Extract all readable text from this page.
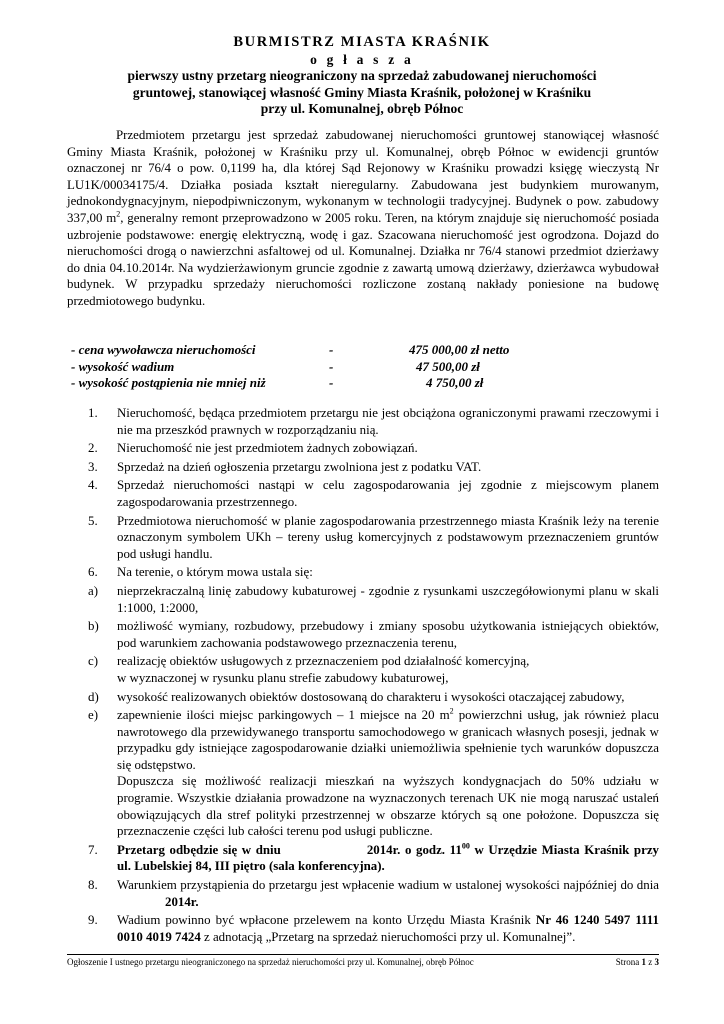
BURMISTRZ MIASTA KRAŚNIK
o g ł a s z a
pierwszy ustny przetarg nieograniczony na sprzedaż zabudowanej nieruchomości
gruntowej, stanowiącej własność Gminy Miasta Kraśnik, położonej w Kraśniku
przy ul. Komunalnej, obręb Północ

Przedmiotem przetargu jest sprzedaż zabudowanej nieruchomości gruntowej stanowiącej własność Gminy Miasta Kraśnik, położonej w Kraśniku przy ul. Komunalnej, obręb Północ w ewidencji gruntów oznaczonej nr 76/4 o pow. 0,1199 ha, dla której Sąd Rejonowy w Kraśniku prowadzi księgę wieczystą Nr LU1K/00034175/4. Działka posiada kształt nieregularny. Zabudowana jest budynkiem murowanym, jednokondygnacyjnym, niepodpiwniczonym, wykonanym w technologii tradycyjnej. Budynek o pow. zabudowy 337,00 $m^2$, generalny remont przeprowadzono w 2005 roku. Teren, na którym znajduje się nieruchomość posiada uzbrojenie podstawowe: energię elektryczną, wodę i gaz. Szacowana nieruchomość jest ogrodzona. Dojazd do nieruchomości drogą o nawierzchni asfaltowej od ul. Komunalnej. Działka nr 76/4 stanowi przedmiot dzierżawy do dnia 04.10.2014r. Na wydzierżawionym gruncie zgodnie z zawartą umową dzierżawy, dzierżawca wybudował budynek. W przypadku sprzedaży nieruchomości rozliczone zostaną nakłady poniesione na budowę przedmiotowego budynku.

- cena wywoławcza nieruchomości	-	475 000,00 zł netto
- wysokość wadium	-	47 500,00 zł
- wysokość postąpienia nie mniej niż	-	4 750,00 zł
1. Nieruchomość, będąca przedmiotem przetargu nie jest obciążona ograniczonymi prawami rzeczowymi i nie ma przeszkód prawnych w rozporządzaniu nią.
2. Nieruchomość nie jest przedmiotem żadnych zobowiązań.
3. Sprzedaż na dzień ogłoszenia przetargu zwolniona jest z podatku VAT.
4. Sprzedaż nieruchomości nastąpi w celu zagospodarowania jej zgodnie z miejscowym planem zagospodarowania przestrzennego.
5. Przedmiotowa nieruchomość w planie zagospodarowania przestrzennego miasta Kraśnik leży na terenie oznaczonym symbolem UKh – tereny usług komercyjnych z podstawowym przeznaczeniem gruntów pod usługi handlu.
6. Na terenie, o którym mowa ustala się:
a) nieprzekraczalną linię zabudowy kubaturowej - zgodnie z rysunkami uszczegółowionymi planu w skali 1:1000, 1:2000,
b) możliwość wymiany, rozbudowy, przebudowy i zmiany sposobu użytkowania istniejących obiektów, pod warunkiem zachowania podstawowego przeznaczenia terenu,
c) realizację obiektów usługowych z przeznaczeniem pod działalność komercyjną,
w wyznaczonej w rysunku planu strefie zabudowy kubaturowej,
d) wysokość realizowanych obiektów dostosowaną do charakteru i wysokości otaczającej zabudowy,
e) zapewnienie ilości miejsc parkingowych – 1 miejsce na 20 $m^2$ powierzchni usług, jak również placu nawrotowego dla przewidywanego transportu samochodowego w granicach własnych posesji, jednak w przypadku gdy istniejące zagospodarowanie działki uniemożliwia spełnienie tych warunków dopuszcza się odstępstwo.
Dopuszcza się możliwość realizacji mieszkań na wyższych kondygnacjach do 50% udziału w programie. Wszystkie działania prowadzone na wyznaczonych terenach UK nie mogą naruszać ustaleń obowiązujących dla stref polityki przestrzennej w obszarze których są one położone. Dopuszcza się przeznaczenie części lub całości terenu pod usługi publiczne.
7. Przetarg odbędzie się w dniu	2014r. o godz. $11^{00}$ w Urzędzie Miasta Kraśnik przy ul. Lubelskiej 84, III piętro (sala konferencyjna).
8. Warunkiem przystąpienia do przetargu jest wpłacenie wadium w ustalonej wysokości najpóźniej do dnia2014r.
9. Wadium powinno być wpłacone przelewem na konto Urzędu Miasta Kraśnik Nr 46 1240 5497 1111 0010 4019 7424 z adnotacją „Przetarg na sprzedaż nieruchomości przy ul. Komunalnej”.
Ogłoszenie I ustnego przetargu nieograniczonego na sprzedaż nieruchomości przy ul. Komunalnej, obręb Północ	Strona 1 z 3
